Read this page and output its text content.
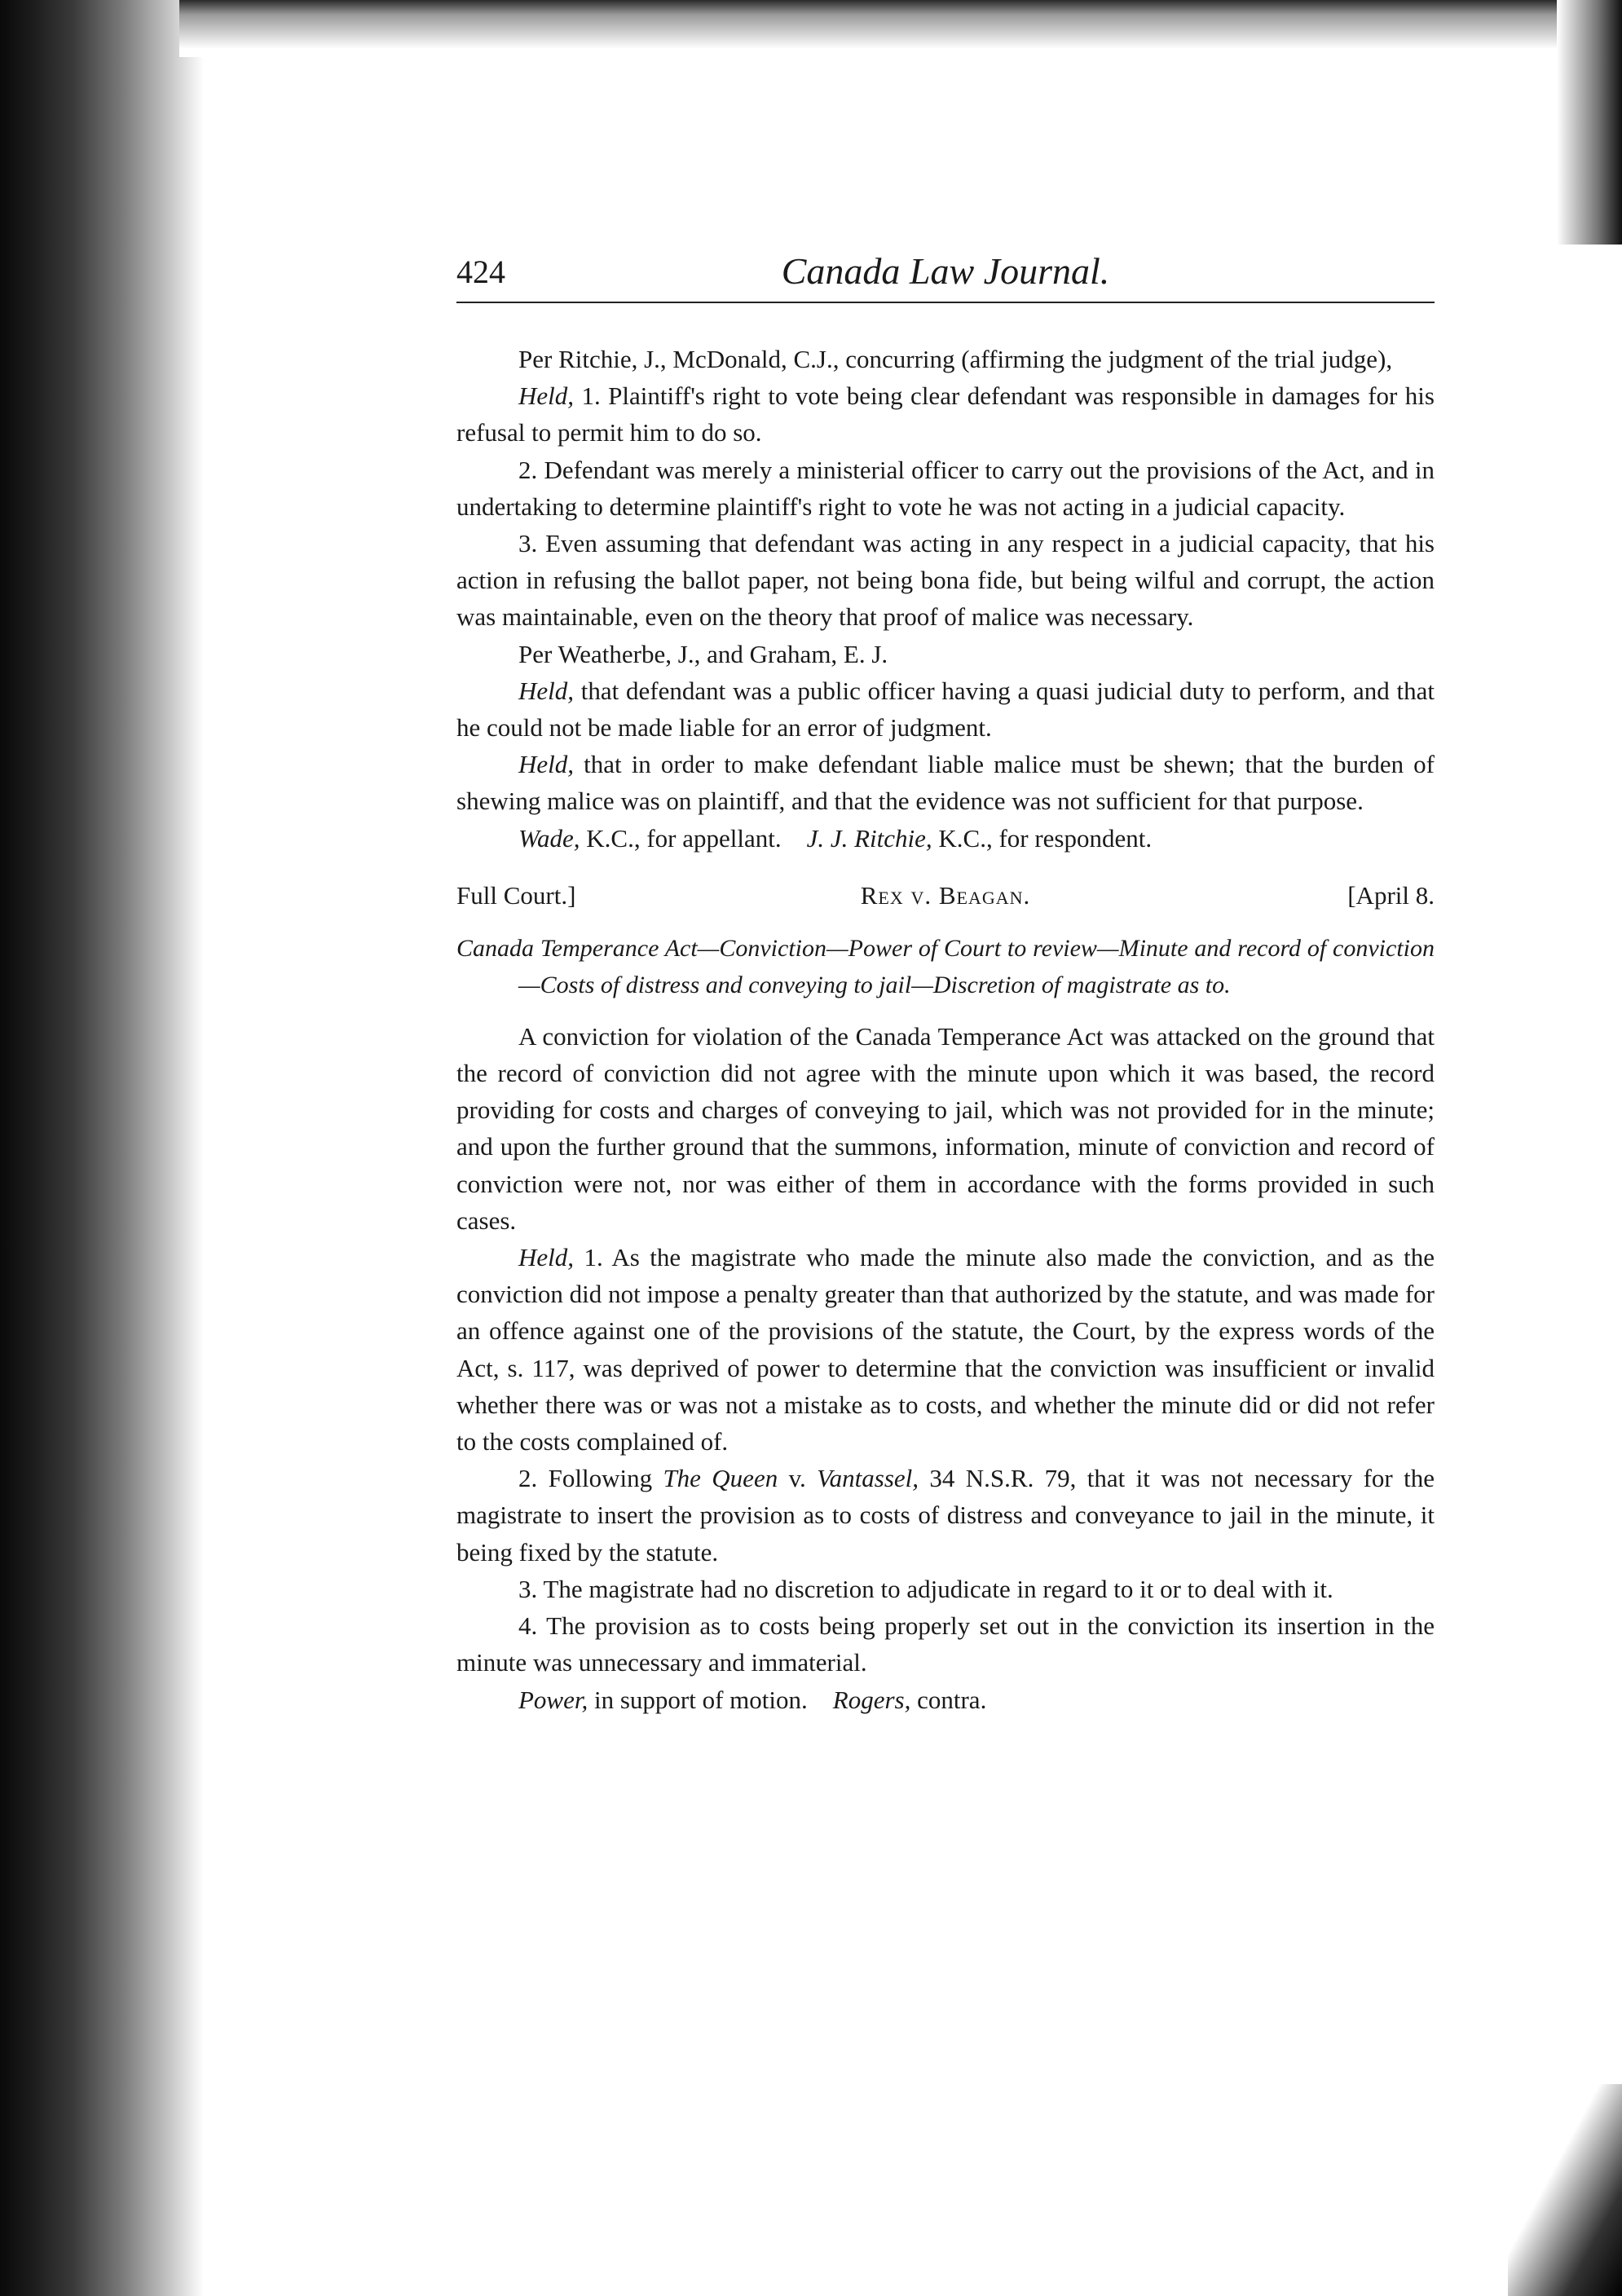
424	Canada Law Journal.

Per Ritchie, J., McDonald, C.J., concurring (affirming the judgment of the trial judge),

Held, 1. Plaintiff's right to vote being clear defendant was responsible in damages for his refusal to permit him to do so.

2. Defendant was merely a ministerial officer to carry out the provisions of the Act, and in undertaking to determine plaintiff's right to vote he was not acting in a judicial capacity.

3. Even assuming that defendant was acting in any respect in a judicial capacity, that his action in refusing the ballot paper, not being bona fide, but being wilful and corrupt, the action was maintainable, even on the theory that proof of malice was necessary.

Per Weatherbe, J., and Graham, E. J.

Held, that defendant was a public officer having a quasi judicial duty to perform, and that he could not be made liable for an error of judgment.

Held, that in order to make defendant liable malice must be shewn; that the burden of shewing malice was on plaintiff, and that the evidence was not sufficient for that purpose.

Wade, K.C., for appellant. J. J. Ritchie, K.C., for respondent.

Full Court.]	Rex v. Beagan.	[April 8.
Canada Temperance Act—Conviction—Power of Court to review—Minute and record of conviction—Costs of distress and conveying to jail—Discretion of magistrate as to.

A conviction for violation of the Canada Temperance Act was attacked on the ground that the record of conviction did not agree with the minute upon which it was based, the record providing for costs and charges of conveying to jail, which was not provided for in the minute; and upon the further ground that the summons, information, minute of conviction and record of conviction were not, nor was either of them in accordance with the forms provided in such cases.

Held, 1. As the magistrate who made the minute also made the conviction, and as the conviction did not impose a penalty greater than that authorized by the statute, and was made for an offence against one of the provisions of the statute, the Court, by the express words of the Act, s. 117, was deprived of power to determine that the conviction was insufficient or invalid whether there was or was not a mistake as to costs, and whether the minute did or did not refer to the costs complained of.

2. Following The Queen v. Vantassel, 34 N.S.R. 79, that it was not necessary for the magistrate to insert the provision as to costs of distress and conveyance to jail in the minute, it being fixed by the statute.

3. The magistrate had no discretion to adjudicate in regard to it or to deal with it.

4. The provision as to costs being properly set out in the conviction its insertion in the minute was unnecessary and immaterial.

Power, in support of motion. Rogers, contra.
